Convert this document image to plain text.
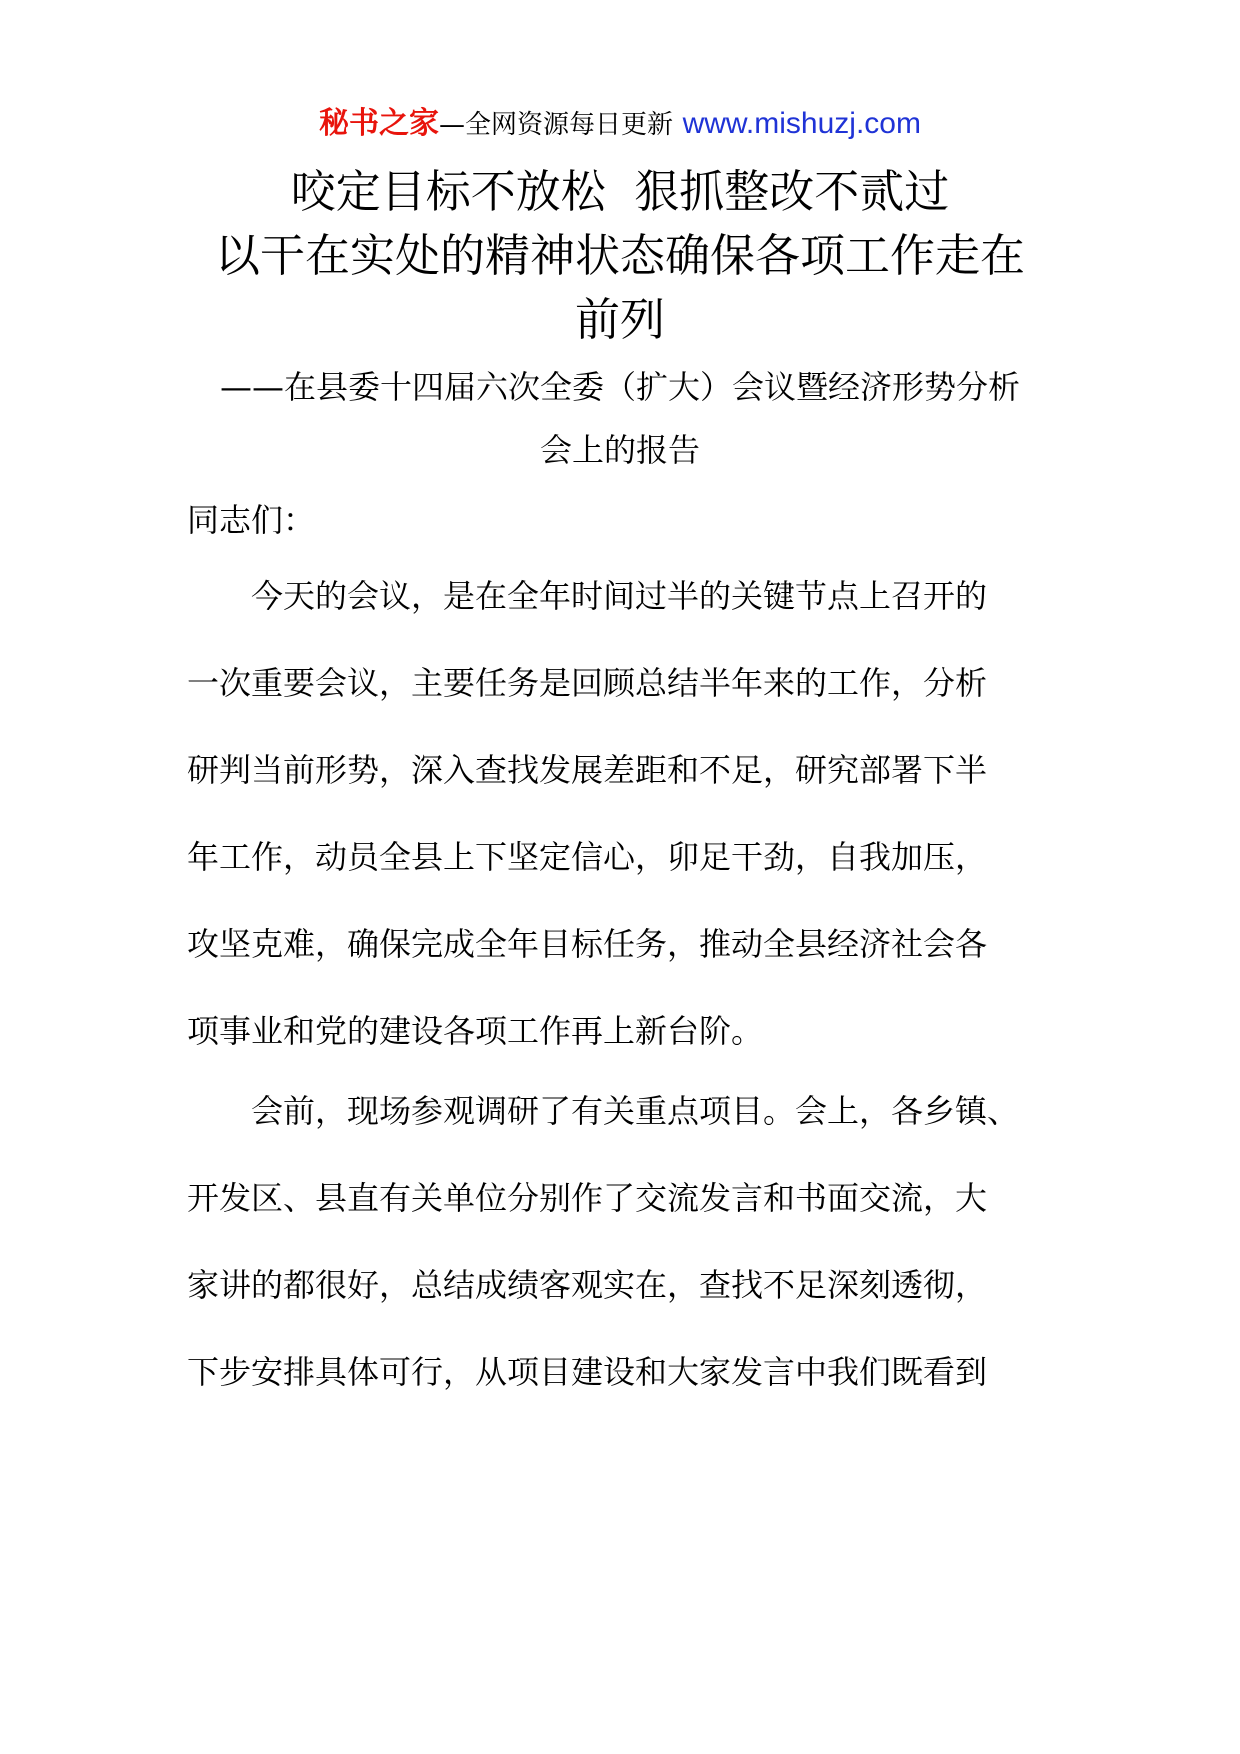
秘书之家—全网资源每日更新 www.mishuzj.com
咬定目标不放松  狠抓整改不贰过
以干在实处的精神状态确保各项工作走在
前列
——在县委十四届六次全委（扩大）会议暨经济形势分析
会上的报告
同志们：
今天的会议，是在全年时间过半的关键节点上召开的
一次重要会议，主要任务是回顾总结半年来的工作，分析
研判当前形势，深入查找发展差距和不足，研究部署下半
年工作，动员全县上下坚定信心，卯足干劲，自我加压，
攻坚克难，确保完成全年目标任务，推动全县经济社会各
项事业和党的建设各项工作再上新台阶。
会前，现场参观调研了有关重点项目。会上，各乡镇、
开发区、县直有关单位分别作了交流发言和书面交流，大
家讲的都很好，总结成绩客观实在，查找不足深刻透彻，
下步安排具体可行，从项目建设和大家发言中我们既看到
